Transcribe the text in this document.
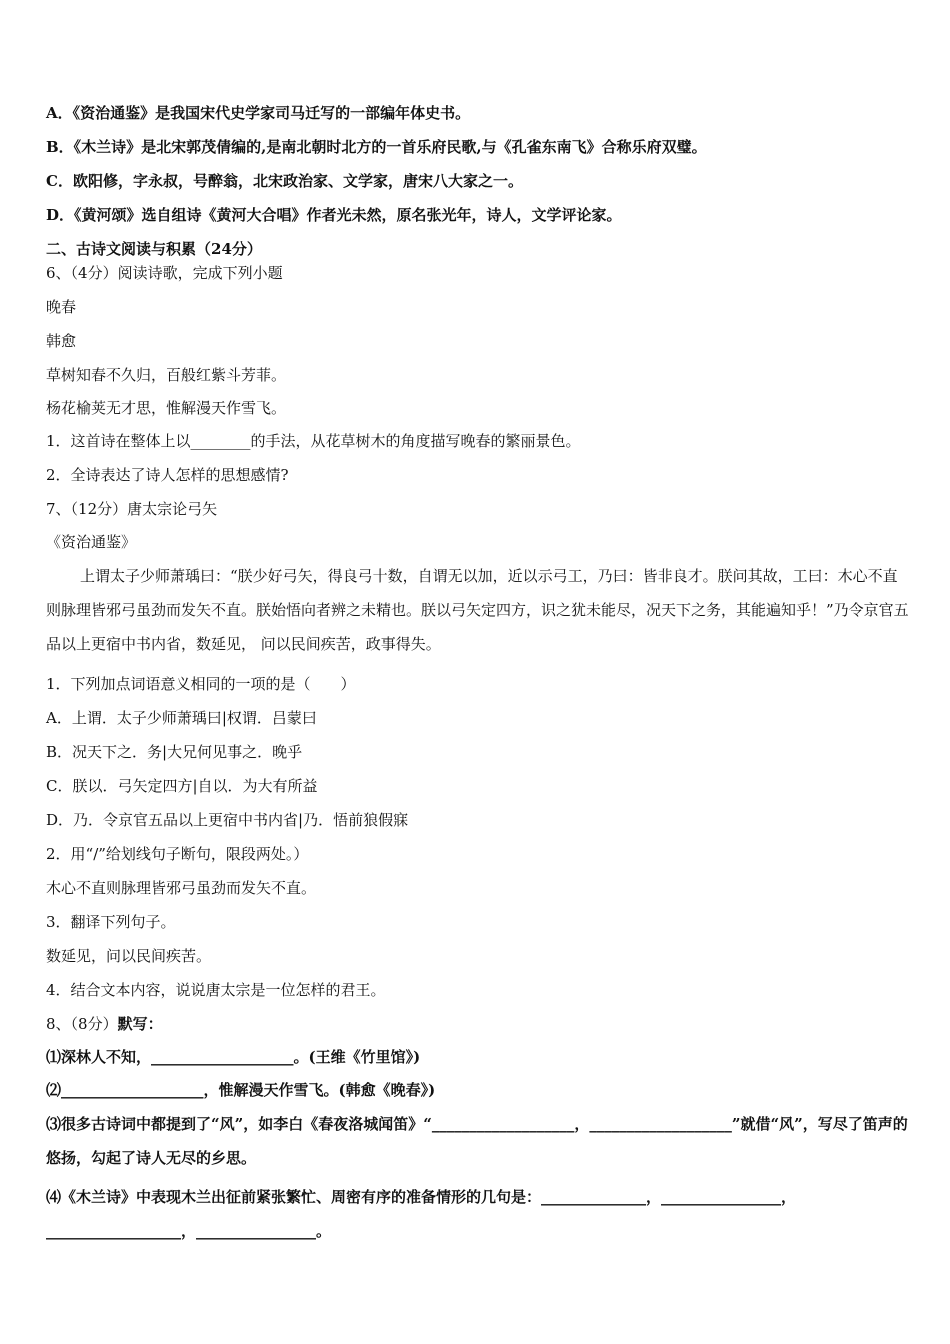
A．《资治通鉴》是我国宋代史学家司马迁写的一部编年体史书。
B．《木兰诗》是北宋郭茂倩编的,是南北朝时北方的一首乐府民歌,与《孔雀东南飞》合称乐府双璧。
C．欧阳修，字永叔，号醉翁，北宋政治家、文学家，唐宋八大家之一。
D．《黄河颂》选自组诗《黄河大合唱》作者光未然，原名张光年，诗人，文学评论家。
二、古诗文阅读与积累（24分）
6、（4分）阅读诗歌，完成下列小题
晚春
韩愈
草树知春不久归，百般红紫斗芳菲。
杨花榆荚无才思，惟解漫天作雪飞。
1．这首诗在整体上以________的手法，从花草树木的角度描写晚春的繁丽景色。
2．全诗表达了诗人怎样的思想感情?
7、（12分）唐太宗论弓矢
《资治通鉴》
上谓太子少师萧瑀曰：“朕少好弓矢，得良弓十数，自谓无以加，近以示弓工，乃曰：皆非良才。朕问其故，工曰：木心不直则脉理皆邪弓虽劲而发矢不直。朕始悟向者辨之未精也。朕以弓矢定四方，识之犹未能尽，况天下之务，其能遍知乎！”乃令京官五品以上更宿中书内省，数延见， 问以民间疾苦，政事得失。
1．下列加点词语意义相同的一项的是（　　）
A．上谓．太子少师萧瑀曰|权谓．吕蒙曰
B．况天下之．务|大兄何见事之．晚乎
C．朕以．弓矢定四方|自以．为大有所益
D．乃．令京官五品以上更宿中书内省|乃．悟前狼假寐
2．用“/”给划线句子断句，限段两处。）
木心不直则脉理皆邪弓虽劲而发矢不直。
3．翻译下列句子。
数延见，问以民间疾苦。
4．结合文本内容，说说唐太宗是一位怎样的君王。
8、（8分）默写：
⑴深林人不知，___________________。(王维《竹里馆》)
⑵___________________，惟解漫天作雪飞。(韩愈《晚春》)
⑶很多古诗词中都提到了“风”，如李白《春夜洛城闻笛》“___________________，___________________”就借“风”，写尽了笛声的悠扬，勾起了诗人无尽的乡思。
⑷《木兰诗》中表现木兰出征前紧张繁忙、周密有序的准备情形的几句是：______________，________________，__________________，________________。
